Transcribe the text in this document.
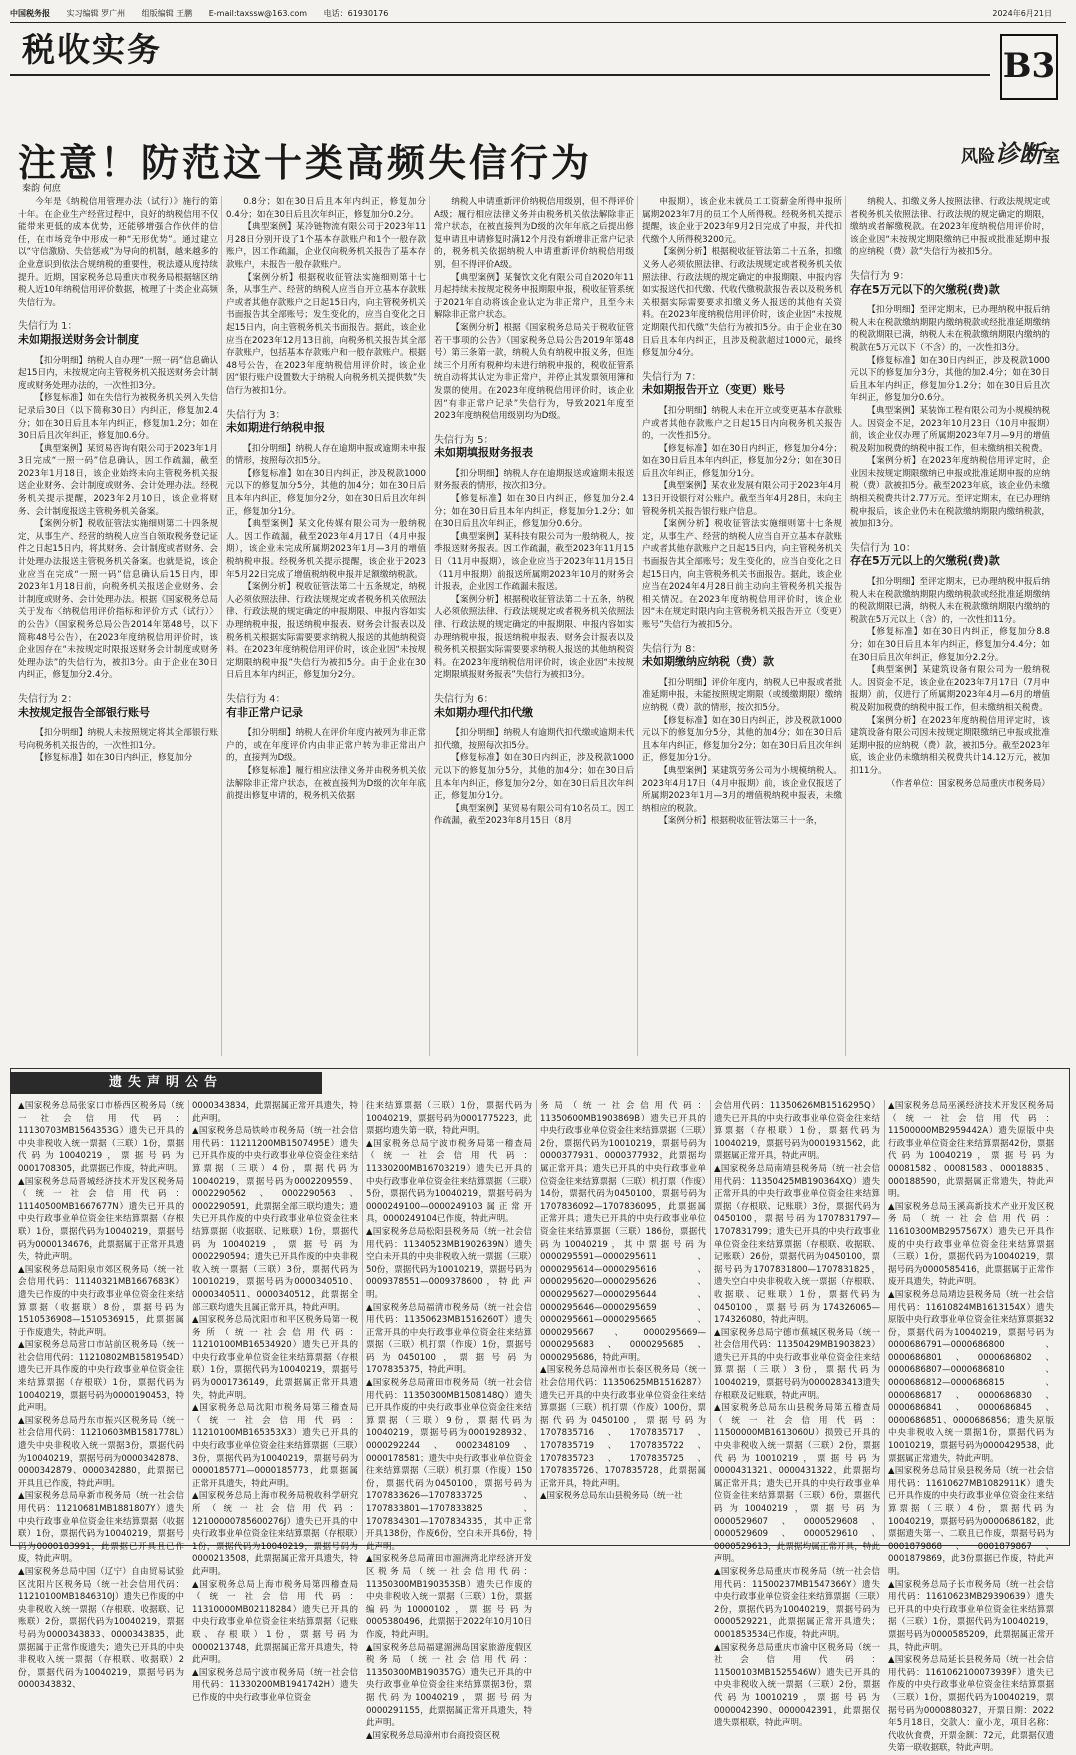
中国税务报 实习编辑 罗广州 组版编辑 王鹏 E-mail:taxssw@163.com 电话：61930176	2024年6月21日
税收实务	B3
注意！防范这十类高频失信行为	风险诊断室
秦韵 何庶

今年是《纳税信用管理办法（试行）》施行的第十年。在企业生产经营过程中，良好的纳税信用不仅能带来更低的成本优势，还能够增强合作伙伴的信任，在市场竞争中形成一种“无形优势”。通过建立以“守信激励、失信惩戒”为导向的机制，越来越多的企业意识到依法合规纳税的重要性，税法遵从度持续提升。近期，国家税务总局重庆市税务局根据辖区纳税人近10年纳税信用评价数据，梳理了十类企业高频失信行为。

失信行为 1：
未如期报送财务会计制度

【扣分明细】纳税人自办理“一照一码”信息确认起15日内，未按规定向主管税务机关报送财务会计制度或财务处理办法的，一次性扣3分。

【修复标准】如在失信行为被税务机关列入失信记录后30日（以下简称30日）内纠正，修复加2.4分；如在30日后且本年内纠正，修复加1.2分；如在30日后且次年纠正，修复加0.6分。

【典型案例】某贸易咨询有限公司于2023年1月3日完成“一照一码”信息确认，因工作疏漏，截至2023年1月18日，该企业始终未向主管税务机关报送企业财务、会计制度或财务、会计处理办法。经税务机关提示提醒，2023年2月10日，该企业将财务、会计制度报送主管税务机关备案。

【案例分析】税收征管法实施细则第二十四条规定，从事生产、经营的纳税人应当自领取税务登记证件之日起15日内，将其财务、会计制度或者财务、会计处理办法报送主管税务机关备案。也就是说，该企业应当在完成“一照一码”信息确认后15日内，即2023年1月18日前，向税务机关报送企业财务、会计制度或财务、会计处理办法。根据《国家税务总局关于发布〈纳税信用评价指标和评价方式（试行）〉的公告》（国家税务总局公告2014年第48号，以下简称48号公告），在2023年度纳税信用评价时，该企业因存在“未按规定时限报送财务会计制度或财务处理办法”的失信行为，被扣3分。由于企业在30日内纠正，修复加分2.4分。

失信行为 2：
未按规定报告全部银行账号

【扣分明细】纳税人未按照规定将其全部银行账号向税务机关报告的，一次性扣1分。

【修复标准】如在30日内纠正，修复加分

0.8分；如在30日后且本年内纠正，修复加分0.4分；如在30日后且次年纠正，修复加分0.2分。

【典型案例】某冷链物流有限公司于2023年11月28日分别开设了1个基本存款账户和1个一般存款账户，因工作疏漏，企业仅向税务机关报告了基本存款账户，未报告一般存款账户。

【案例分析】根据税收征管法实施细则第十七条，从事生产、经营的纳税人应当自开立基本存款账户或者其他存款账户之日起15日内，向主管税务机关书面报告其全部账号；发生变化的，应当自变化之日起15日内，向主管税务机关书面报告。据此，该企业应当在2023年12月13日前，向税务机关报告其全部存款账户，包括基本存款账户和一般存款账户。根据48号公告，在2023年度纳税信用评价时，该企业因“银行账户设置数大于纳税人向税务机关提供数”失信行为被扣1分。

失信行为 3：
未如期进行纳税申报

【扣分明细】纳税人存在逾期申报或逾期未申报的情形，按照每次扣5分。

【修复标准】如在30日内纠正，涉及税款1000元以下的修复加分5分，其他的加4分；如在30日后且本年内纠正，修复加分2分，如在30日后且次年纠正，修复加分1分。

【典型案例】某文化传媒有限公司为一般纳税人。因工作疏漏，截至2023年4月17日（4月申报期），该企业未完成所属期2023年1月—3月的增值税纳税申报。经税务机关提示提醒，该企业于2023年5月22日完成了增值税纳税申报并足额缴纳税款。

【案例分析】税收征管法第二十五条规定，纳税人必须依照法律、行政法规规定或者税务机关依照法律、行政法规的规定确定的申报期限、申报内容如实办理纳税申报，报送纳税申报表、财务会计报表以及税务机关根据实际需要要求纳税人报送的其他纳税资料。在2023年度纳税信用评价时，该企业因“未按规定期限纳税申报”失信行为被扣5分。由于企业在30日后且本年内纠正，修复加分2分。

失信行为 4：
有非正常户记录

【扣分明细】纳税人在评价年度内被列为非正常户的，或在年度评价内由非正常户转为非正常出户的，直接判为D级。

【修复标准】履行相应法律义务并由税务机关依法解除非正常户状态，在被直接判为D级的次年年底前提出修复申请的，税务机关依据

纳税人申请重新评价纳税信用级别，但不得评价A级；履行相应法律义务并由税务机关依法解除非正常户状态，在被直接判为D级的次年年底之后提出修复申请且申请修复时满12个月没有新增非正常户记录的，税务机关依据纳税人申请重新评价纳税信用级别，但不得评价A级。

【典型案例】某餐饮文化有限公司自2020年11月起持续未按规定税务申报期限申报，税收征管系统于2021年自动将该企业认定为非正常户，且至今未解除非正常户状态。

【案例分析】根据《国家税务总局关于税收征管若干事项的公告》（国家税务总局公告2019年第48号）第三条第一款，纳税人负有纳税申报义务，但连续三个月所有税种均未进行纳税申报的，税收征管系统自动将其认定为非正常户，并停止其发票领用簿和发票的使用。在2023年度纳税信用评价时，该企业因“有非正常户记录”失信行为，导致2021年度至2023年度纳税信用级别均为D级。

失信行为 5：
未如期填报财务报表

【扣分明细】纳税人存在逾期报送或逾期未报送财务报表的情形，按次扣3分。

【修复标准】如在30日内纠正，修复加分2.4分；如在30日后且本年内纠正，修复加分1.2分；如在30日后且次年纠正，修复加分0.6分。

【典型案例】某科技有限公司为一般纳税人，按季报送财务报表。因工作疏漏，截至2023年11月15日（11月申报期），该企业应当于2023年11月15日（11月申报期）前报送所属期2023年10月的财务会计报表，企业因工作疏漏未报送。

【案例分析】根据税收征管法第二十五条，纳税人必须依照法律、行政法规规定或者税务机关依照法律、行政法规的规定确定的申报期限、申报内容如实办理纳税申报，报送纳税申报表、财务会计报表以及税务机关根据实际需要要求纳税人报送的其他纳税资料。在2023年度纳税信用评价时，该企业因“未按规定期限填报财务报表”失信行为被扣3分。

失信行为 6：
未如期办理代扣代缴

【扣分明细】纳税人有逾期代扣代缴或逾期未代扣代缴，按照每次扣5分。

【修复标准】如在30日内纠正，涉及税款1000元以下的修复加分5分，其他的加4分；如在30日后且本年内纠正，修复加分2分，如在30日后且次年纠正，修复加分1分。

【典型案例】某贸易有限公司有10名员工。因工作疏漏，截至2023年8月15日（8月

申报期），该企业未就员工工资薪金所得申报所属期2023年7月的员工个人所得税。经税务机关提示提醒，该企业于2023年9月2日完成了申报，并代扣代缴个人所得税3200元。

【案例分析】根据税收征管法第二十五条，扣缴义务人必须依照法律、行政法规规定或者税务机关依照法律、行政法规的规定确定的申报期限、申报内容如实报送代扣代缴、代收代缴税款报告表以及税务机关根据实际需要要求扣缴义务人报送的其他有关资料。在2023年度纳税信用评价时，该企业因“未按规定期限代扣代缴”失信行为被扣5分。由于企业在30日后且本年内纠正，且涉及税款超过1000元，最终修复加分4分。

失信行为 7：
未如期报告开立（变更）账号

【扣分明细】纳税人未在开立或变更基本存款账户或者其他存款账户之日起15日内向税务机关报告的，一次性扣5分。

【修复标准】如在30日内纠正，修复加分4分；如在30日后且本年内纠正，修复加分2分；如在30日后且次年纠正，修复加分1分。

【典型案例】某农业发展有限公司于2023年4月13日开设银行对公账户。截至当年4月28日，未向主管税务机关报告银行账户信息。

【案例分析】税收征管法实施细则第十七条规定，从事生产、经营的纳税人应当自开立基本存款账户或者其他存款账户之日起15日内，向主管税务机关书面报告其全部账号；发生变化的，应当自变化之日起15日内，向主管税务机关书面报告。据此，该企业应当在2024年4月28日前主动向主管税务机关报告相关情况。在2023年度纳税信用评价时，该企业因“未在规定时限内向主管税务机关报告开立（变更）账号”失信行为被扣5分。

失信行为 8：
未如期缴纳应纳税（费）款

【扣分明细】评价年度内，纳税人已申报或者批准延期申报，未能按照规定期限（或缓缴期限）缴纳应纳税（费）款的情形，按次扣5分。

【修复标准】如在30日内纠正，涉及税款1000元以下的修复加分5分，其他的加4分；如在30日后且本年内纠正，修复加分2分；如在30日后且次年纠正，修复加分1分。

【典型案例】某建筑劳务公司为小规模纳税人。2023年4月17日（4月申报期）前，该企业仅报送了所属期2023年1月—3月的增值税纳税申报表，未缴纳相应的税款。

【案例分析】根据税收征管法第三十一条，

纳税人、扣缴义务人按照法律、行政法规规定或者税务机关依照法律、行政法规的规定确定的期限，缴纳或者解缴税款。在2023年度纳税信用评价时，该企业因“未按规定期限缴纳已申报或批准延期申报的应纳税（费）款”失信行为被扣5分。

失信行为 9：
存在5万元以下的欠缴税(费)款

【扣分明细】至评定期末，已办理纳税申报后纳税人未在税款缴纳期限内缴纳税款或经批准延期缴纳的税款期限已满，纳税人未在税款缴纳期限内缴纳的税款在5万元以下（不含）的，一次性扣3分。

【修复标准】如在30日内纠正，涉及税款1000元以下的修复加分3分，其他的加2.4分；如在30日后且本年内纠正，修复加分1.2分；如在30日后且次年纠正，修复加分0.6分。

【典型案例】某装饰工程有限公司为小规模纳税人。因资金不足，2023年10月23日（10月申报期）前，该企业仅办理了所属期2023年7月—9月的增值税及附加税费的纳税申报工作，但未缴纳相关税费。

【案例分析】在2023年度纳税信用评定时，企业因未按规定期限缴纳已申报或批准延期申报的应纳税（费）款被扣5分。截至2023年底，该企业仍未缴纳相关税费共计2.77万元。至评定期末，在已办理纳税申报后，该企业仍未在税款缴纳期限内缴纳税款，被加扣3分。

失信行为 10：
存在5万元以上的欠缴税(费)款

【扣分明细】至评定期末，已办理纳税申报后纳税人未在税款缴纳期限内缴纳税款或经批准延期缴纳的税款期限已满，纳税人未在税款缴纳期限内缴纳的税款在5万元以上（含）的，一次性扣11分。

【修复标准】如在30日内纠正，修复加分8.8分；如在30日后且本年内纠正，修复加分4.4分；如在30日后且次年纠正，修复加分2.2分。

【典型案例】某建筑设备有限公司为一般纳税人。因资金不足，该企业在2023年7月17日（7月申报期）前，仅进行了所属期2023年4月—6月的增值税及附加税费的纳税申报工作，但未缴纳相关税费。

【案例分析】在2023年度纳税信用评定时，该建筑设备有限公司因未按规定期限缴纳已申报或批准延期申报的应纳税（费）款，被扣5分。截至2023年底，该企业仍未缴纳相关税费共计14.12万元，被加扣11分。

（作者单位：国家税务总局重庆市税务局）

遗失声明公告

▲国家税务总局张家口市桥西区税务局（统一社会信用代码：11130703MB1564353G）遗失已开具的中央非税收入统一票据（三联）1份，票据代码为10040219，票据号码为0001708305，此票据已作废，特此声明。

▲国家税务总局晋城经济技术开发区税务局（统一社会信用代码：11140500MB1667677N）遗失已开具的中央行政事业单位资金往来结算票据（存根联）1份，票据代码为10040219，票据号码为0000134676，此票据属于正常开具遗失，特此声明。

▲国家税务总局阳泉市郊区税务局（统一社会信用代码：11140321MB1667683K）遗失已作废的中央行政事业单位资金往来结算票据（收据联）8份，票据号码为1510536908—1510536915，此票据属于作废遗失，特此声明。

▲国家税务总局营口市站前区税务局（统一社会信用代码：11210802MB1581954D）遗失已开具作废的中央行政事业单位资金往来结算票据（存根联）1份，票据代码为10040219，票据号码为0000190453，特此声明。

▲国家税务总局丹东市振兴区税务局（统一社会信用代码：11210603MB1581778L）遗失中央非税收入统一票据3份，票据代码为10040219，票据号码为0000342878、0000342879、0000342880，此票据已开具且已作废，特此声明。

▲国家税务总局阜新市税务局（统一社会信用代码：11210681MB1881807Y）遗失中央行政事业单位资金往来结算票据（收据联）1份，票据代码为10040219，票据号码为0000183991，此票据已开具且已作废，特此声明。

▲国家税务总局中国（辽宁）自由贸易试验区沈阳片区税务局（统一社会信用代码：11210100MB1846310J）遗失已作废的中央非税收入统一票据（存根联、收据联、记账联）2份，票据代码为10040219，票据号码为0000343833、0000343835，此票据属于正常作废遗失；遗失已开具的中央非税收入统一票据（存根联、收据联）2份，票据代码为10040219，票据号码为0000343832、

0000343834，此票据属正常开具遗失，特此声明。

▲国家税务总局铁岭市税务局（统一社会信用代码：11211200MB1507495E）遗失已开具作废的中央行政事业单位资金往来结算票据（三联）4份，票据代码为10040219，票据号码为0002209559、0002290562、0002290563、0002290591，此票据全部三联均遗失；遗失已开具作废的中央行政事业单位资金往来结算票据（收据联、记账联）1份，票据代码为10040219，票据号码为0002290594；遗失已开具作废的中央非税收入统一票据（三联）3份，票据代码为10010219，票据号码为0000340510、0000340511、0000340512，此票据全部三联均遗失且属正常开具，特此声明。

▲国家税务总局沈阳市和平区税务局第一税务所（统一社会信用代码：11210100MB16534920）遗失已开具的中央行政事业单位资金往来结算票据（存根联）1份，票据代码为10040219，票据号码为0001736149，此票据属正常开具遗失，特此声明。

▲国家税务总局沈阳市税务局第三稽查局（统一社会信用代码：11210100MB165353X3）遗失已开具的中央行政事业单位资金往来结算票据（三联）3份，票据代码为10040219，票据号码为0000185771—0000185773，此票据属正常开具遗失，特此声明。

▲国家税务总局上海市税务局税收科学研究所（统一社会信用代码：12100000785600276J）遗失已开具的中央行政事业单位资金往来结算票据（存根联）1份，票据代码为10040219，票据号码为0000213508，此票据属正常开具遗失，特此声明。

▲国家税务总局上海市税务局第四稽查局（统一社会信用代码：11310000MB02118284）遗失已开具的中央行政事业单位资金往来结算票据（记账联、存根联）1份，票据号码为0000213748，此票据属正常开具遗失，特此声明。

▲国家税务总局宁波市税务局（统一社会信用代码：11330200MB1941742H）遗失已作废的中央行政事业单位资金

往来结算票据（三联）1份，票据代码为10040219，票据号码为0001775223，此票据均遗失第一联，特此声明。

▲国家税务总局宁波市税务局第一稽查局（统一社会信用代码：11330200MB16703219）遗失已开具的中央行政事业单位资金往来结算票据（三联）5份，票据代码为10040219，票据号码为0000249100—0000249103属正常开具，0000249104已作废，特此声明。

▲国家税务总局松阳县税务局（统一社会信用代码：11340523MB1902639N）遗失空白未开具的中央非税收入统一票据（三联）50份，票据代码为10010219，票据号码为0009378551—0009378600，特此声明。

▲国家税务总局福清市税务局（统一社会信用代码：11350623MB1516260T）遗失正常开具的中央行政事业单位资金往来结算票据（三联）机打票（作废）1份，票据号码为0450100，票据号码为1707835375，特此声明。

▲国家税务总局莆田市税务局（统一社会信用代码：11350300MB1508148Q）遗失已开具作废的中央行政事业单位资金往来结算票据（三联）9份，票据代码为10040219，票据号码为0001928932、0000292244、0002348109、0000178581；遗失中央行政事业单位资金往来结算票据（三联）机打票（作废）150份，票据代码为0450100，票据号码为1707833626—1707833725、1707833801—1707833825、1707834301—1707834335，其中正常开具138份，作废6份，空白未开具6份，特此声明。

▲国家税务总局莆田市湄洲湾北岸经济开发区税务局（统一社会信用代码：11350300MB190353SB）遗失已作废的中央非税收入统一票据（三联）1份，票据编码为10000102，票据号码为0005380496，此票据于2022年10月10日作废，特此声明。

▲国家税务总局福建湄洲岛国家旅游度假区税务局（统一社会信用代码：11350300MB190357G）遗失已开具的中央行政事业单位资金往来结算票据3份，票据代码为10040219，票据号码为0000291155，此票据属正常开具遗失，特此声明。

▲国家税务总局漳州市台商投资区税

务局（统一社会信用代码：11350600MB1903869B）遗失已开具的中央行政事业单位资金往来结算票据（三联）2份，票据代码为10010219，票据号码为0000377931、0000377932，此票据均属正常开具；遗失已开具的中央行政事业单位资金往来结算票据（三联）机打票（作废）14份，票据代码为0450100，票据号码为1707836092—1707836095，此票据属正常开具；遗失已开具的中央行政事业单位资金往来结算票据（三联）186份，票据代码为10040219，其中票据号码为0000295591—0000295611、0000295614—0000295616、0000295620—0000295626、0000295627—0000295644、0000295646—0000295659、0000295661—0000295665、0000295667、0000295669—0000295683、0000295685、0000295686，特此声明。

▲国家税务总局漳州市长泰区税务局（统一社会信用代码：11350625MB1516287）遗失已开具的中央行政事业单位资金往来结算票据（三联）机打票（作废）100份，票据代码为0450100，票据号码为1707835716、1707835717、1707835719、1707835722、1707835723、1707835725、1707835726、1707835728，此票据属正常开具，特此声明。

▲国家税务总局东山县税务局（统一社

会信用代码：11350626MB1516295Q）遗失已开具的中央行政事业单位资金往来结算票据（存根联）1份，票据代码为10040219，票据号码为0001931562，此票据属正常开具，特此声明。

▲国家税务总局南靖县税务局（统一社会信用代码：11350425MB190364XQ）遗失正常开具的中央行政事业单位资金往来结算票据（存根联、记账联）3份，票据代码为0450100，票据号码为1707831797—1707831799；遗失已开具的中央行政事业单位资金往来结算票据（存根联、收据联、记账联）26份，票据代码为0450100，票据号码为1707831800—1707831825，遗失空白中央非税收入统一票据（存根联、收据联、记账联）1份，票据代码为0450100，票据号码为174326065—174326080，特此声明。

▲国家税务总局宁德市蕉城区税务局（统一社会信用代码：11350429MB1903823）遗失已开具的中央行政事业单位资金往来结算票据（三联）3份，票据代码为10040219，票据号码为0000283413遗失存根联及记账联，特此声明。

▲国家税务总局东山县税务局第五稽查局（统一社会信用代码：11500000MB1613060U）损毁已开具的中央非税收入统一票据（三联）2份，票据代码为10010219，票据号码为0000431321、0000431322，此票据均属正常开具；遗失已开具的中央行政事业单位资金往来结算票据（三联）6份，票据代码为10040219，票据号码为0000529607、0000529608、0000529609、0000529610、0000529613，此票据均属正常开具，特此声明。

▲国家税务总局重庆市税务局（统一社会信用代码：11500237MB1547366Y）遗失中央行政事业单位资金往来结算票据（三联）2份，票据代码为10040219，票据号码为0000529221，此票据属正常开具遗失；0001853534已作废，特此声明。

▲国家税务总局重庆市渝中区税务局（统一社会信用代码：11500103MB1525546W）遗失已开具的中央非税收入统一票据（三联）2份，票据代码为10010219，票据号码为0000042390、0000042391，此票据仅遗失票根联，特此声明。

▲国家税务总局巫溪经济技术开发区税务局（统一社会信用代码：11500000MB2959442A）遗失原版中央行政事业单位资金往来结算票据42份，票据代码为10040219，票据号码为00081582、00081583、00018835、000188590，此票据属正常遗失，特此声明。

▲国家税务总局玉溪高新技术产业开发区税务局（统一社会信用代码：11610300MB2957567X）遗失已开具作废的中央行政事业单位资金往来结算票据（三联）1份，票据代码为10040219，票据号码为0000585416，此票据属于正常作废开具遗失，特此声明。

▲国家税务总局靖边县税务局（统一社会信用代码：11610824MB1613154X）遗失原版中央行政事业单位资金往来结算票据32份，票据代码为10040219，票据号码为0000686791—0000686800、0000686801、0000686802、0000686807—0000686810、0000686812—0000686815、0000686817、0000686830、0000686841、0000686845、0000686851、0000686856；遗失原版中央非税收入统一票据1份，票据代码为10010219，票据号码为0000429538，此票据属正常遗失，特此声明。

▲国家税务总局甘泉县税务局（统一社会信用代码：11610627MB1082911K）遗失已开具作废的中央行政事业单位资金往来结算票据（三联）4份，票据代码为10040219，票据号码为0000686182，此票据遗失第一、二联且已作废，票据号码为0001879868、0001879867、0001879869，此3份票据已作废，特此声明。

▲国家税务总局子长市税务局（统一社会信用代码：11610623MB29390639）遗失已开具的中央行政事业单位资金往来结算票据（三联）1份，票据代码为10040219，票据号码为0000585209，此票据属正常开具，特此声明。

▲国家税务总局延长县税务局（统一社会信用代码：1161062100073939F）遗失已作废的中央行政事业单位资金往来结算票据（三联）1份，票据代码为10040219，票据号码为0000880327，开票日期：2022年5月18日，交款人：童小龙，项目名称：代收伙食费，开票金额：72元，此票据仅遗失第一联收据联，特此声明。
